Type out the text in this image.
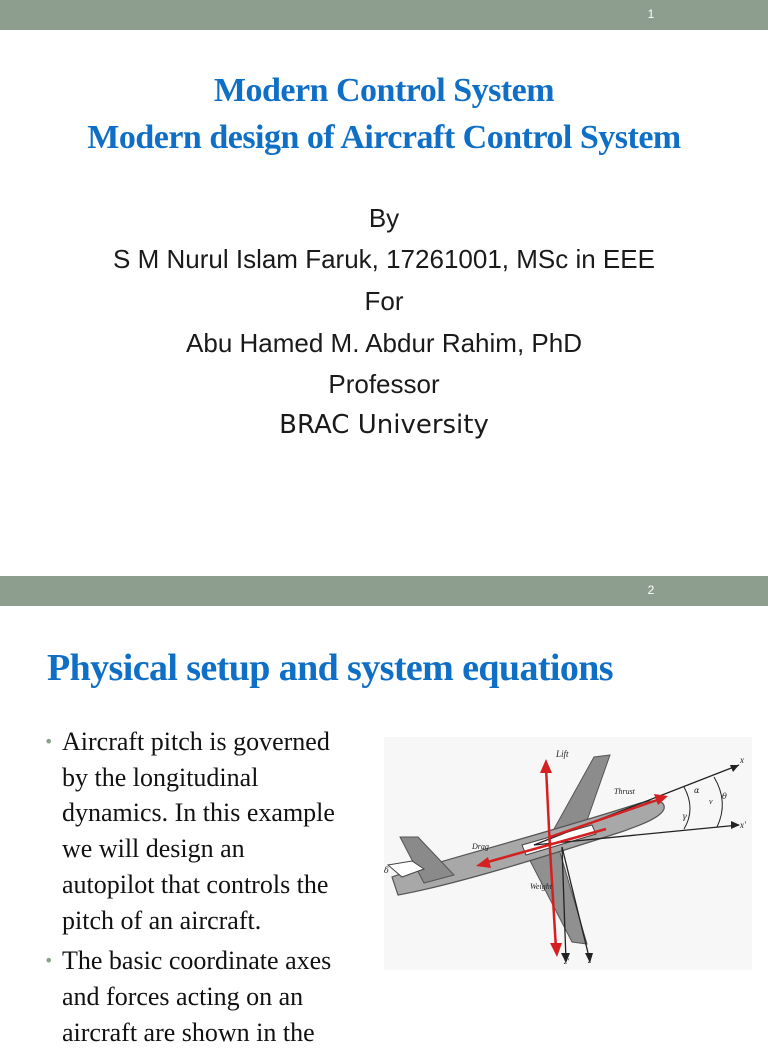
1
Modern Control System
Modern design of Aircraft Control System
By
S M Nurul Islam Faruk, 17261001, MSc in EEE
For
Abu Hamed M. Abdur Rahim, PhD
Professor
BRAC University
2
Physical setup and system equations
• Aircraft pitch is governed
by the longitudinal
dynamics. In this example
we will design an
autopilot that controls the
pitch of an aircraft.
• The basic coordinate axes
and forces acting on an
aircraft are shown in the
Lift
Thrust
Drag
Weight
x
x'
z
z'
α
θ
γ
v
δ
